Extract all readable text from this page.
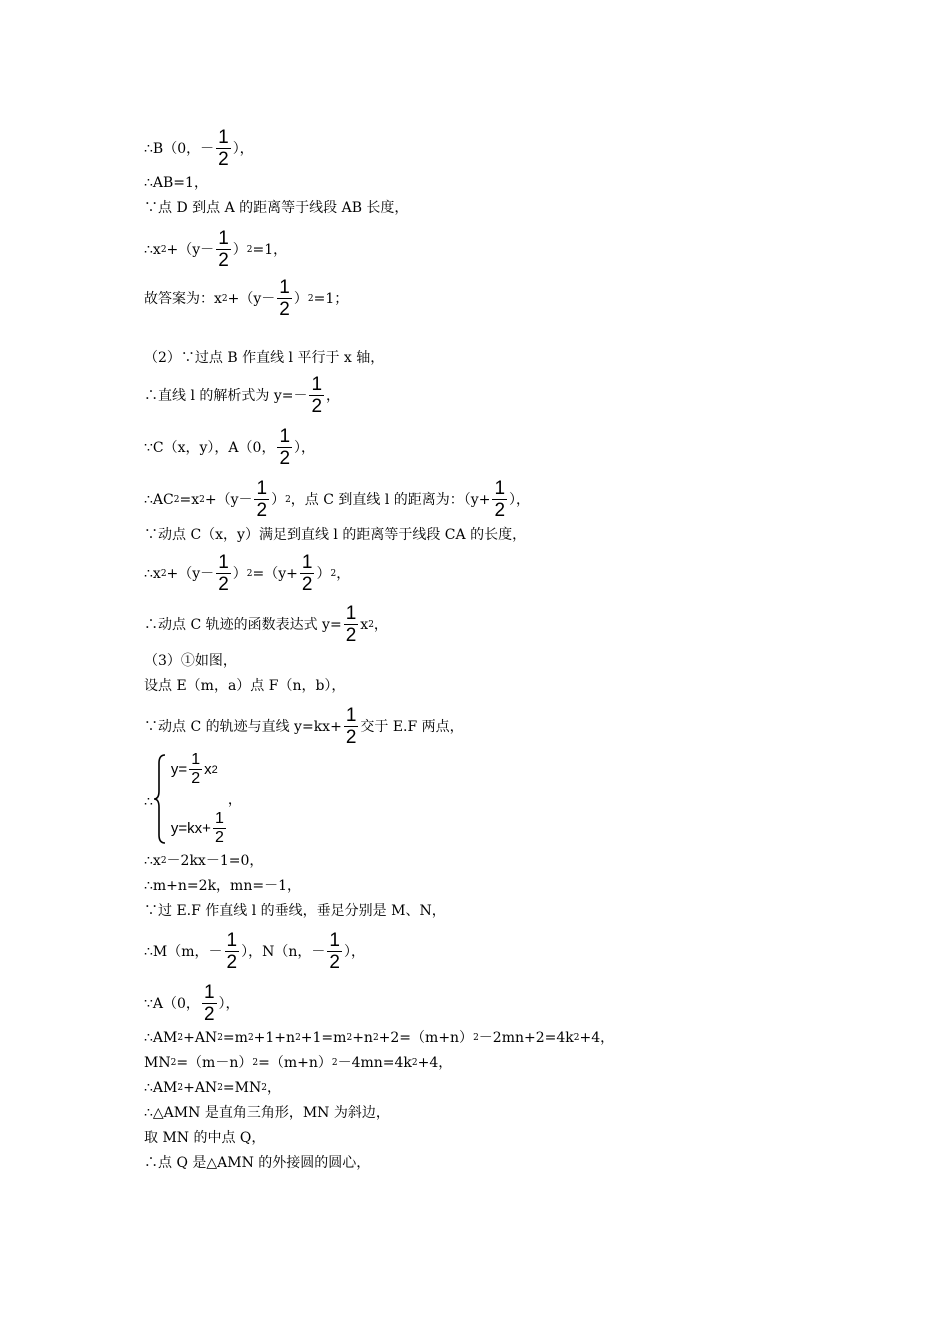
∴B（0，－ $\frac{1}{2}$ ），
∴AB=1，
∵点 D 到点 A 的距离等于线段 AB 长度，
∴x $2 +(y- \frac{1}{2}$ ） 2 =1，
故答案为：x $2 +(y- \frac{1}{2}$ ） 2 =1；
（2）∵过点 B 作直线 l 平行于 x 轴，
∴直线 l 的解析式为 $y=- \frac{1}{2}$ ，
∵C（x，y），A（0， $\frac{1}{2}$ ），
∴AC 2 =x $2 +(y- \frac{1}{2}$ ） 2 ，点 C 到直线 l 的距离为：（$y+ \frac{1}{2}$ ），
∵动点 C（x，y）满足到直线 l 的距离等于线段 CA 的长度，
∴x $2 +(y- \frac{1}{2}$ ） $2 =(y+ \frac{1}{2}$ ） 2 ，
∴动点 C 轨迹的函数表达式 $y= \frac{1}{2}$ x 2 ，
（3）①如图，
设点 E（m，a）点 F（n，b），
∵动点 C 的轨迹与直线 $y=kx+ \frac{1}{2}$ 交于 E.F 两点，
∴
$y= \frac{1}{2}$ x 2
$y=kx+ \frac{1}{2}$
，
∴x 2 －2kx－1=0，
∴m+n=2k，mn=－1，
∵过 E.F 作直线 l 的垂线，垂足分别是 M、N，
∴M（m，－ $\frac{1}{2}$ ），N（n，－ $\frac{1}{2}$ ），
∵A（0， $\frac{1}{2}$ ），
∴AM 2 +AN 2 =m 2 +1+n 2 +1=m 2 +n 2 +2=（m+n） 2 －2mn+2=4k 2 +4，
MN 2 =（m－n） 2 =（m+n） 2 －4mn=4k 2 +4，
∴AM 2 +AN 2 =MN 2 ，
∴△AMN 是直角三角形，MN 为斜边，
取 MN 的中点 Q，
∴点 Q 是△AMN 的外接圆的圆心，
